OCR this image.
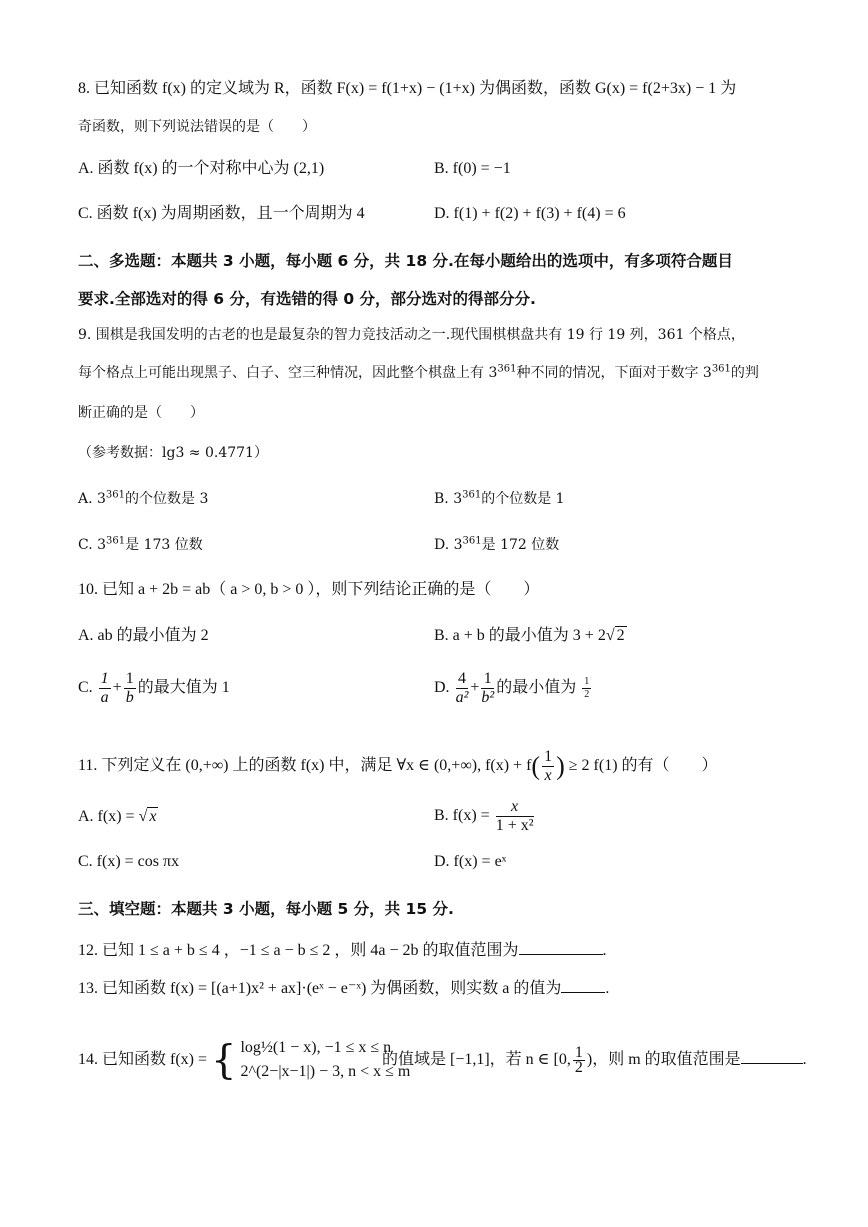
8. 已知函数 f(x) 的定义域为 R，函数 F(x) = f(1+x) − (1+x) 为偶函数，函数 G(x) = f(2+3x) − 1 为
奇函数，则下列说法错误的是（　　）
A. 函数 f(x) 的一个对称中心为 (2,1)	B. f(0) = −1
C. 函数 f(x) 为周期函数，且一个周期为 4	D. f(1) + f(2) + f(3) + f(4) = 6
二、多选题：本题共 3 小题，每小题 6 分，共 18 分.在每小题给出的选项中，有多项符合题目
要求.全部选对的得 6 分，有选错的得 0 分，部分选对的得部分分.
9. 围棋是我国发明的古老的也是最复杂的智力竞技活动之一.现代围棋棋盘共有 19 行 19 列，361 个格点，
每个格点上可能出现黑子、白子、空三种情况，因此整个棋盘上有 $3^{361}$种不同的情况，下面对于数字 $3^{361}$的判
断正确的是（　　）
（参考数据：lg3 ≈ 0.4771）
A. $3^{361}$的个位数是 3	B. $3^{361}$的个位数是 1
C. $3^{361}$是 173 位数	D. $3^{361}$是 172 位数
10. 已知 a + 2b = ab（ a > 0, b > 0 ），则下列结论正确的是（　　）
A. ab 的最小值为 2	B. a + b 的最小值为 3 + 2√ 2
C. $\frac{1}{a} + \frac{1}{b}$ 的最大值为 1	D. $\frac{4}{\text{a²}} + \frac{1}{\text{b²}}$ 的最小值为 $\frac{1}{2}$
11. 下列定义在 (0,+∞) 上的函数 f(x) 中，满足 ∀x ∈ (0,+∞), $f(x) + f( \frac{1}{x}$ ) ≥ 2 f(1) 的有（　　）
A. f(x) = √ x	B. $f(x) = \frac{x}{\text{1 + x²}}$
C. f(x) = cos πx	D. f(x) = eˣ
三、填空题：本题共 3 小题，每小题 5 分，共 15 分.
12. 已知 1 ≤ a + b ≤ 4 ，−1 ≤ a − b ≤ 2 ，则 4a − 2b 的取值范围为	.
13. 已知函数 f(x) = [(a+1)x² + ax]·(eˣ − e⁻ˣ) 为偶函数，则实数 a 的值为	.
14. 已知函数 f(x) = { log½(1 − x), −1 ≤ x ≤ n
2^(2−|x−1|) − 3, n < x ≤ m
的值域是 [−1,1]，若 n ∈ [0, $\frac{1}{2}$ )，则 m 的取值范围是	.
